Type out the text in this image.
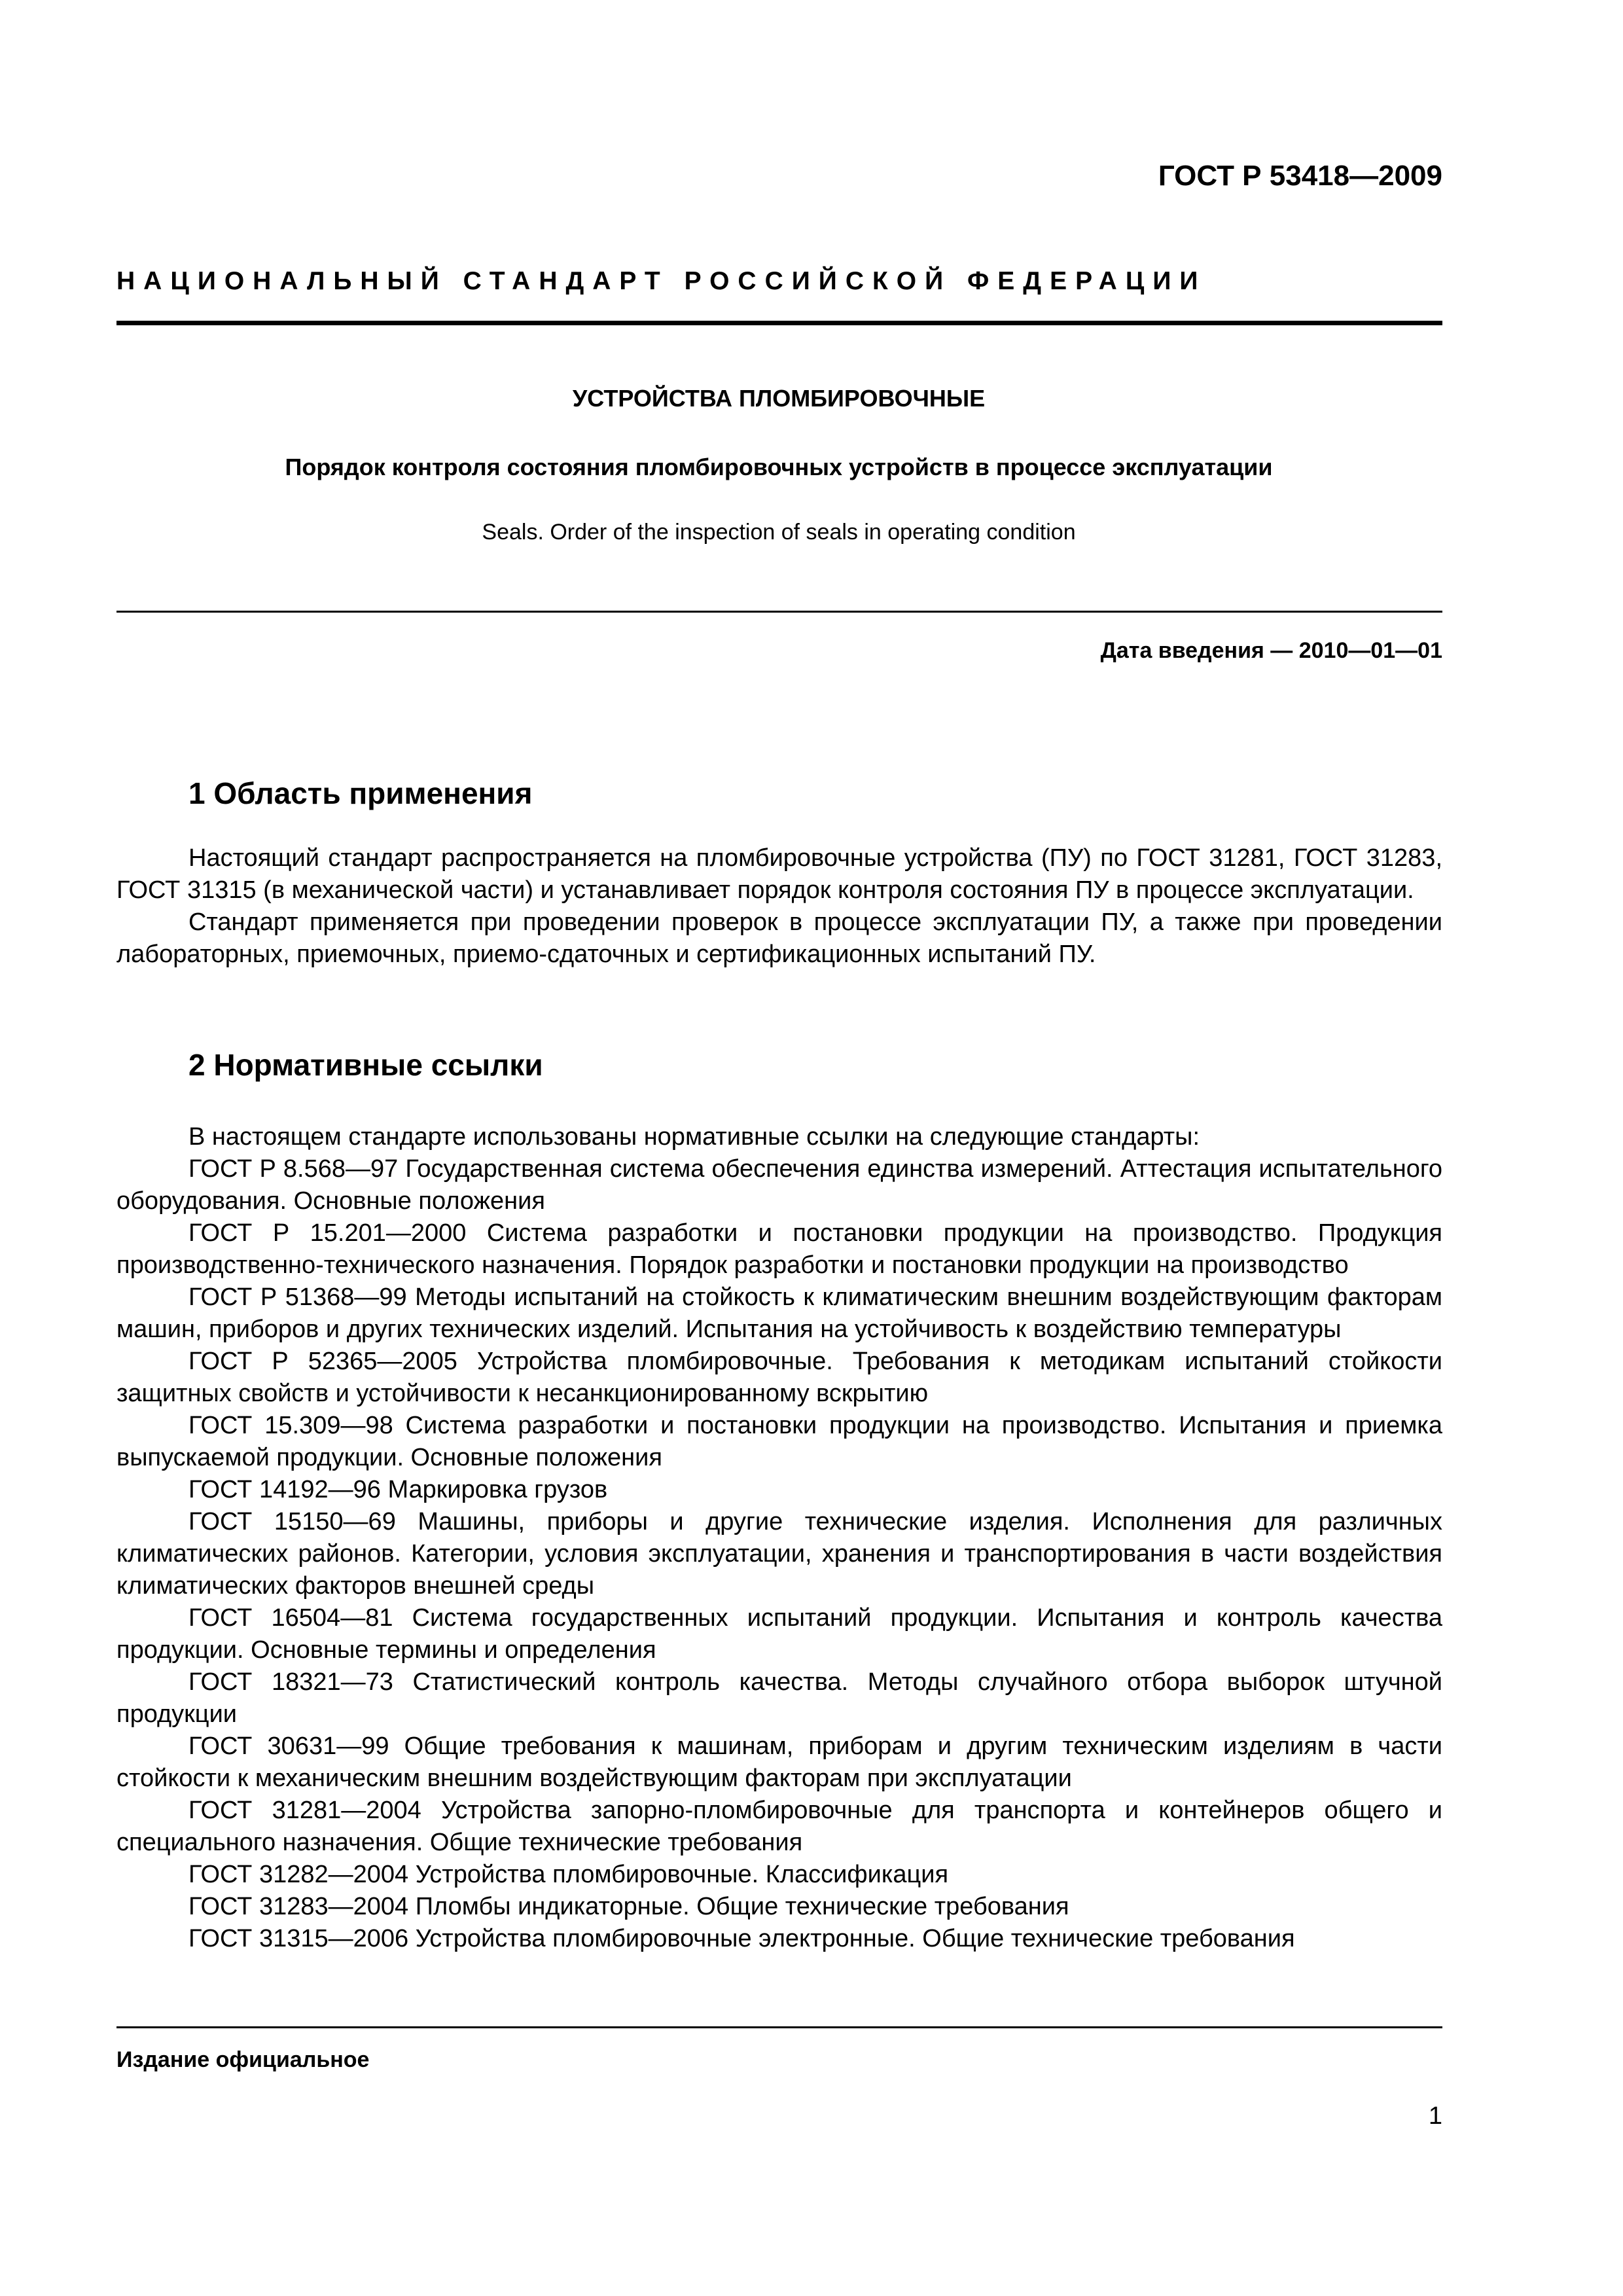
ГОСТ Р 53418—2009
НАЦИОНАЛЬНЫЙ СТАНДАРТ РОССИЙСКОЙ ФЕДЕРАЦИИ
УСТРОЙСТВА ПЛОМБИРОВОЧНЫЕ
Порядок контроля состояния пломбировочных устройств в процессе эксплуатации
Seals. Order of the inspection of seals in operating condition
Дата введения — 2010—01—01
1 Область применения

Настоящий стандарт распространяется на пломбировочные устройства (ПУ) по ГОСТ 31281, ГОСТ 31283, ГОСТ 31315 (в механической части) и устанавливает порядок контроля состояния ПУ в процессе эксплуатации.

Стандарт применяется при проведении проверок в процессе эксплуатации ПУ, а также при проведении лабораторных, приемочных, приемо-сдаточных и сертификационных испытаний ПУ.

2 Нормативные ссылки

В настоящем стандарте использованы нормативные ссылки на следующие стандарты:

ГОСТ Р 8.568—97 Государственная система обеспечения единства измерений. Аттестация испытательного оборудования. Основные положения

ГОСТ Р 15.201—2000 Система разработки и постановки продукции на производство. Продукция производственно-технического назначения. Порядок разработки и постановки продукции на производство

ГОСТ Р 51368—99 Методы испытаний на стойкость к климатическим внешним воздействующим факторам машин, приборов и других технических изделий. Испытания на устойчивость к воздействию температуры

ГОСТ Р 52365—2005 Устройства пломбировочные. Требования к методикам испытаний стойкости защитных свойств и устойчивости к несанкционированному вскрытию

ГОСТ 15.309—98 Система разработки и постановки продукции на производство. Испытания и приемка выпускаемой продукции. Основные положения

ГОСТ 14192—96 Маркировка грузов

ГОСТ 15150—69 Машины, приборы и другие технические изделия. Исполнения для различных климатических районов. Категории, условия эксплуатации, хранения и транспортирования в части воздействия климатических факторов внешней среды

ГОСТ 16504—81 Система государственных испытаний продукции. Испытания и контроль качества продукции. Основные термины и определения

ГОСТ 18321—73 Статистический контроль качества. Методы случайного отбора выборок штучной продукции

ГОСТ 30631—99 Общие требования к машинам, приборам и другим техническим изделиям в части стойкости к механическим внешним воздействующим факторам при эксплуатации

ГОСТ 31281—2004 Устройства запорно-пломбировочные для транспорта и контейнеров общего и специального назначения. Общие технические требования

ГОСТ 31282—2004 Устройства пломбировочные. Классификация

ГОСТ 31283—2004 Пломбы индикаторные. Общие технические требования

ГОСТ 31315—2006 Устройства пломбировочные электронные. Общие технические требования

Издание официальное
1
